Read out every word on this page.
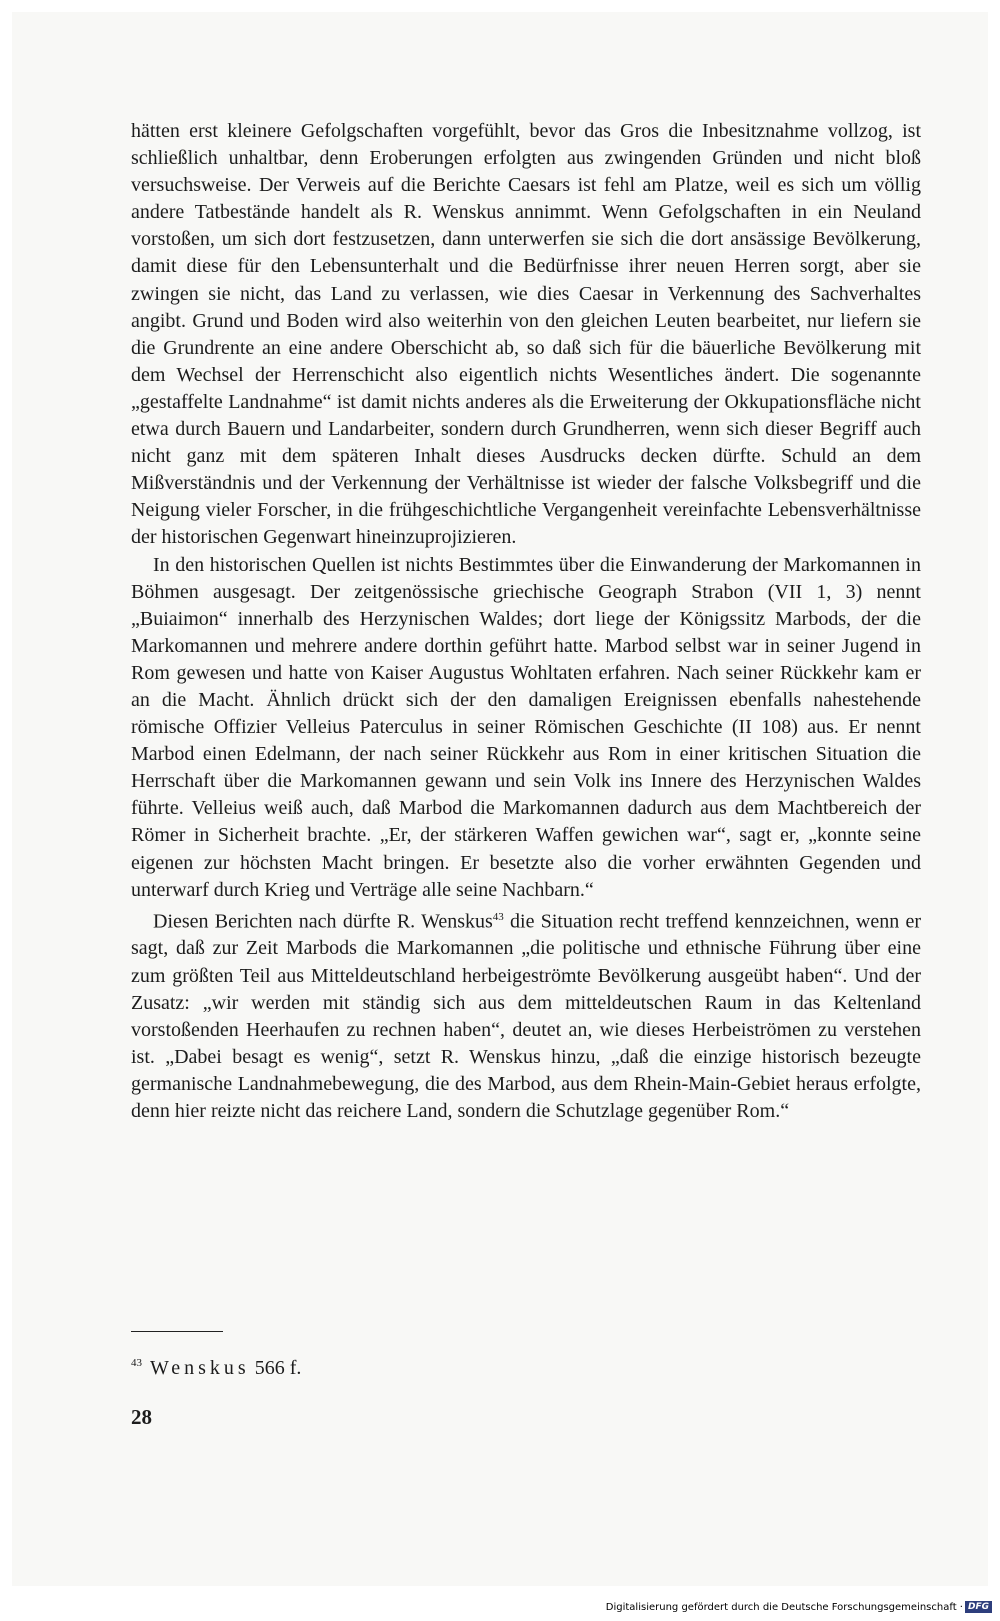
hätten erst kleinere Gefolgschaften vorgefühlt, bevor das Gros die Inbesitznahme vollzog, ist schließlich unhaltbar, denn Eroberungen erfolgten aus zwingenden Gründen und nicht bloß versuchsweise. Der Verweis auf die Berichte Caesars ist fehl am Platze, weil es sich um völlig andere Tatbestände handelt als R. Wenskus annimmt. Wenn Gefolgschaften in ein Neuland vorstoßen, um sich dort festzusetzen, dann unterwerfen sie sich die dort ansässige Bevölkerung, damit diese für den Lebensunterhalt und die Bedürfnisse ihrer neuen Herren sorgt, aber sie zwingen sie nicht, das Land zu verlassen, wie dies Caesar in Verkennung des Sachverhaltes angibt. Grund und Boden wird also weiterhin von den gleichen Leuten bearbeitet, nur liefern sie die Grundrente an eine andere Oberschicht ab, so daß sich für die bäuerliche Bevölkerung mit dem Wechsel der Herrenschicht also eigentlich nichts Wesentliches ändert. Die sogenannte „gestaffelte Landnahme“ ist damit nichts anderes als die Erweiterung der Okkupationsfläche nicht etwa durch Bauern und Landarbeiter, sondern durch Grundherren, wenn sich dieser Begriff auch nicht ganz mit dem späteren Inhalt dieses Ausdrucks decken dürfte. Schuld an dem Mißverständnis und der Verkennung der Verhältnisse ist wieder der falsche Volksbegriff und die Neigung vieler Forscher, in die frühgeschichtliche Vergangenheit vereinfachte Lebensverhältnisse der historischen Gegenwart hineinzuprojizieren.

In den historischen Quellen ist nichts Bestimmtes über die Einwanderung der Markomannen in Böhmen ausgesagt. Der zeitgenössische griechische Geograph Strabon (VII 1, 3) nennt „Buiaimon“ innerhalb des Herzynischen Waldes; dort liege der Königssitz Marbods, der die Markomannen und mehrere andere dorthin geführt hatte. Marbod selbst war in seiner Jugend in Rom gewesen und hatte von Kaiser Augustus Wohltaten erfahren. Nach seiner Rückkehr kam er an die Macht. Ähnlich drückt sich der den damaligen Ereignissen ebenfalls nahestehende römische Offizier Velleius Paterculus in seiner Römischen Geschichte (II 108) aus. Er nennt Marbod einen Edelmann, der nach seiner Rückkehr aus Rom in einer kritischen Situation die Herrschaft über die Markomannen gewann und sein Volk ins Innere des Herzynischen Waldes führte. Velleius weiß auch, daß Marbod die Markomannen dadurch aus dem Machtbereich der Römer in Sicherheit brachte. „Er, der stärkeren Waffen gewichen war“, sagt er, „konnte seine eigenen zur höchsten Macht bringen. Er besetzte also die vorher erwähnten Gegenden und unterwarf durch Krieg und Verträge alle seine Nachbarn.“

Diesen Berichten nach dürfte R. Wenskus$^{43}$ die Situation recht treffend kennzeichnen, wenn er sagt, daß zur Zeit Marbods die Markomannen „die politische und ethnische Führung über eine zum größten Teil aus Mitteldeutschland herbeigeströmte Bevölkerung ausgeübt haben“. Und der Zusatz: „wir werden mit ständig sich aus dem mitteldeutschen Raum in das Keltenland vorstoßenden Heerhaufen zu rechnen haben“, deutet an, wie dieses Herbeiströmen zu verstehen ist. „Dabei besagt es wenig“, setzt R. Wenskus hinzu, „daß die einzige historisch bezeugte germanische Landnahmebewegung, die des Marbod, aus dem Rhein-Main-Gebiet heraus erfolgte, denn hier reizte nicht das reichere Land, sondern die Schutzlage gegenüber Rom.“

$^{43}$ Wenskus 566 f.
28
Digitalisierung gefördert durch die Deutsche Forschungsgemeinschaft · DFG
